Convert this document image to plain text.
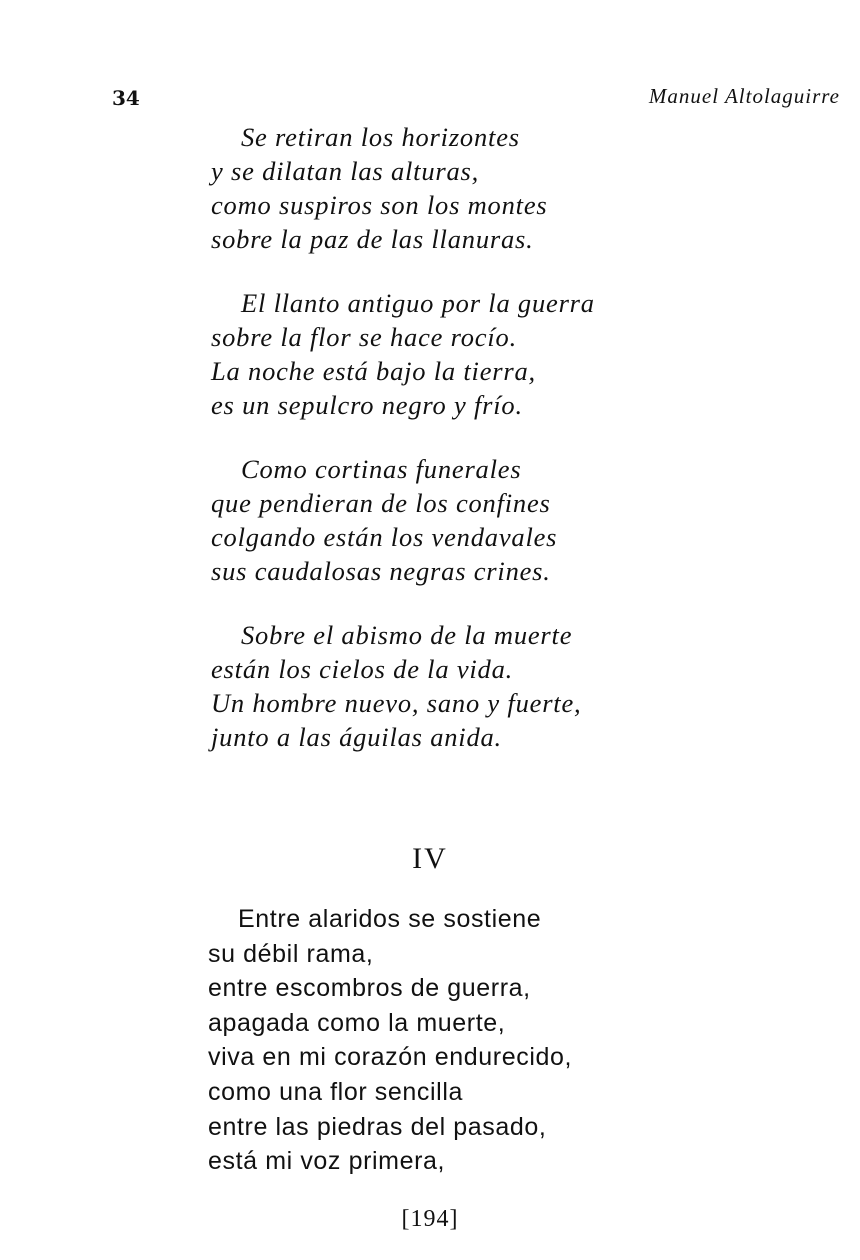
34	Manuel Altolaguirre
Se retiran los horizontes
y se dilatan las alturas,
como suspiros son los montes
sobre la paz de las llanuras.
El llanto antiguo por la guerra
sobre la flor se hace rocío.
La noche está bajo la tierra,
es un sepulcro negro y frío.
Como cortinas funerales
que pendieran de los confines
colgando están los vendavales
sus caudalosas negras crines.
Sobre el abismo de la muerte
están los cielos de la vida.
Un hombre nuevo, sano y fuerte,
junto a las águilas anida.
IV
Entre alaridos se sostiene
su débil rama,
entre escombros de guerra,
apagada como la muerte,
viva en mi corazón endurecido,
como una flor sencilla
entre las piedras del pasado,
está mi voz primera,
[194]
